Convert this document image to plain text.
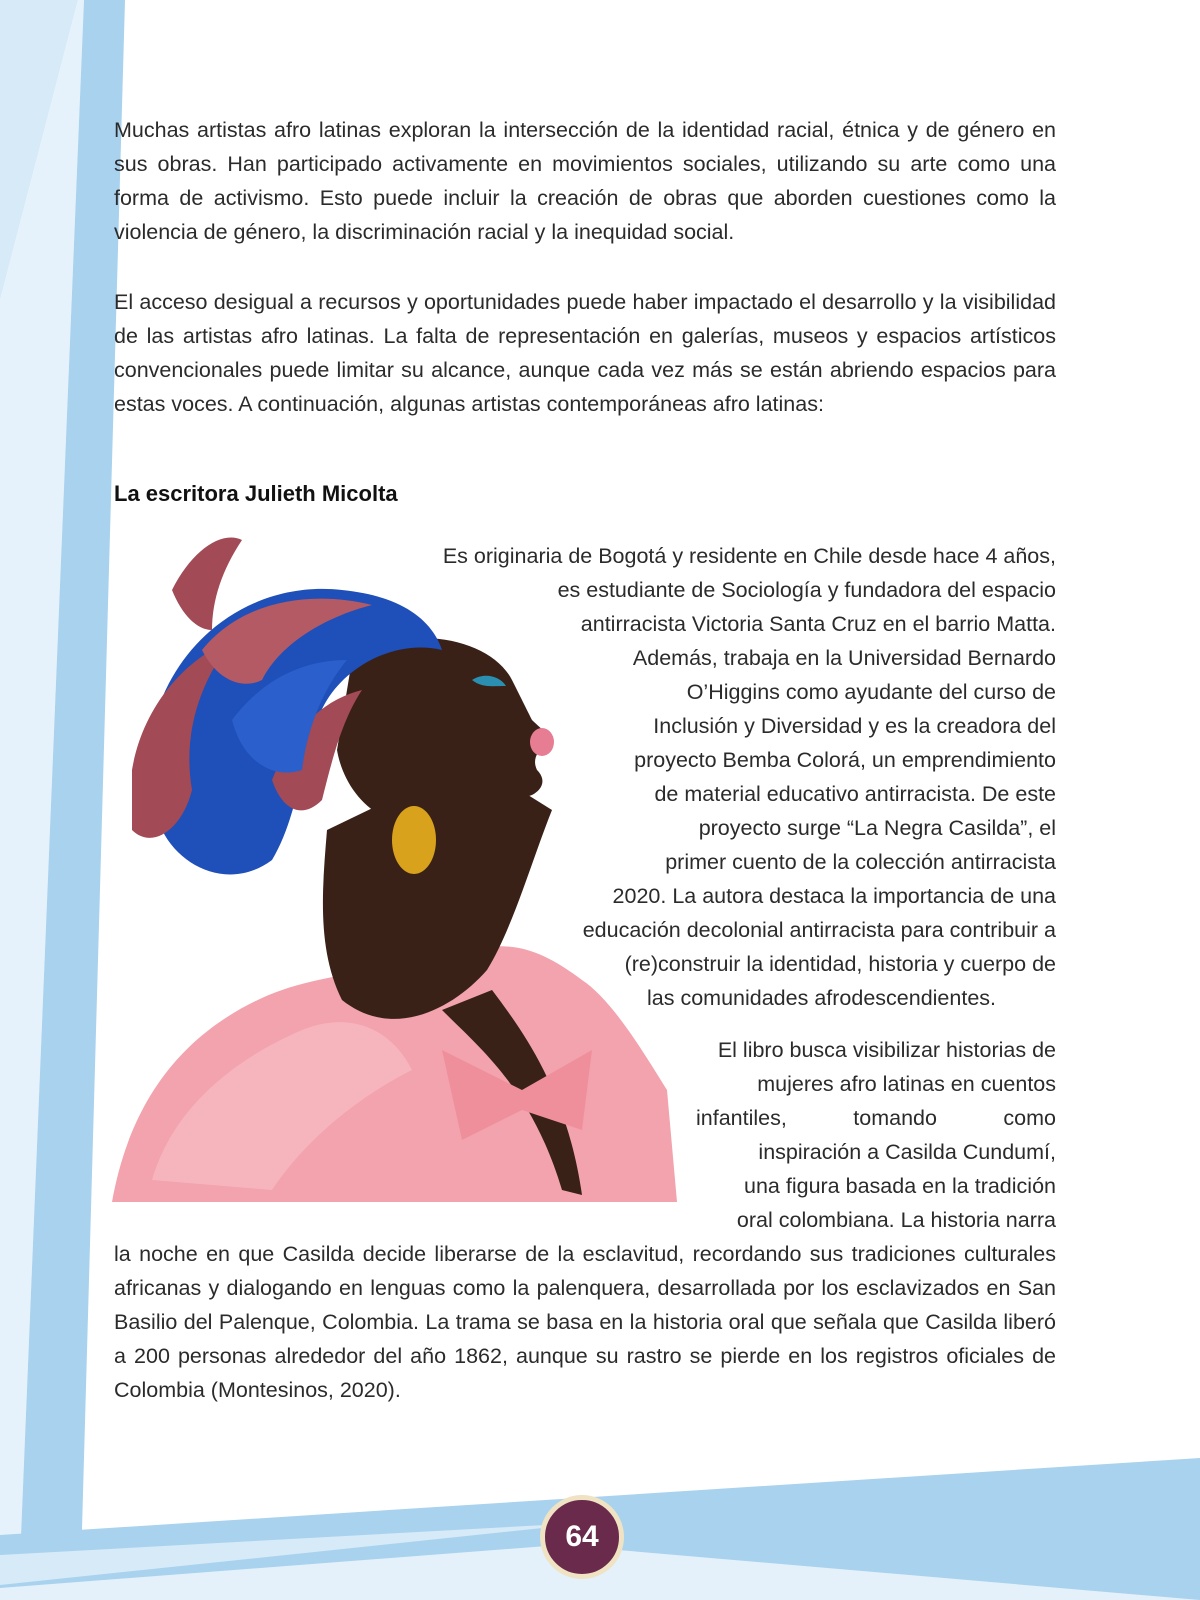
Muchas artistas afro latinas exploran la intersección de la identidad racial, étnica y de género en sus obras. Han participado activamente en movimientos sociales, utilizando su arte como una forma de activismo. Esto puede incluir la creación de obras que aborden cuestiones como la violencia de género, la discriminación racial y la inequidad social.
El acceso desigual a recursos y oportunidades puede haber impactado el desarrollo y la visibilidad de las artistas afro latinas. La falta de representación en galerías, museos y espacios artísticos convencionales puede limitar su alcance, aunque cada vez más se están abriendo espacios para estas voces. A continuación, algunas artistas contemporáneas afro latinas:
La escritora Julieth Micolta
Es originaria de Bogotá y residente en Chile desde hace 4 años,
es estudiante de Sociología y fundadora del espacio
antirracista Victoria Santa Cruz en el barrio Matta.
Además, trabaja en la Universidad Bernardo
O’Higgins como ayudante del curso de
Inclusión y Diversidad y es la creadora del
proyecto Bemba Colorá, un emprendimiento
de material educativo antirracista. De este
proyecto surge “La Negra Casilda”, el
primer cuento de la colección antirracista
2020. La autora destaca la importancia de una
educación decolonial antirracista para contribuir a
(re)construir la identidad, historia y cuerpo de
las comunidades afrodescendientes.
El libro busca visibilizar historias de
mujeres afro latinas en cuentos
infantiles, tomando como
inspiración a Casilda Cundumí,
una figura basada en la tradición
oral colombiana. La historia narra
la noche en que Casilda decide liberarse de la esclavitud, recordando sus tradiciones culturales africanas y dialogando en lenguas como la palenquera, desarrollada por los esclavizados en San Basilio del Palenque, Colombia. La trama se basa en la historia oral que señala que Casilda liberó a 200 personas alrededor del año 1862, aunque su rastro se pierde en los registros oficiales de Colombia (Montesinos, 2020).
64
